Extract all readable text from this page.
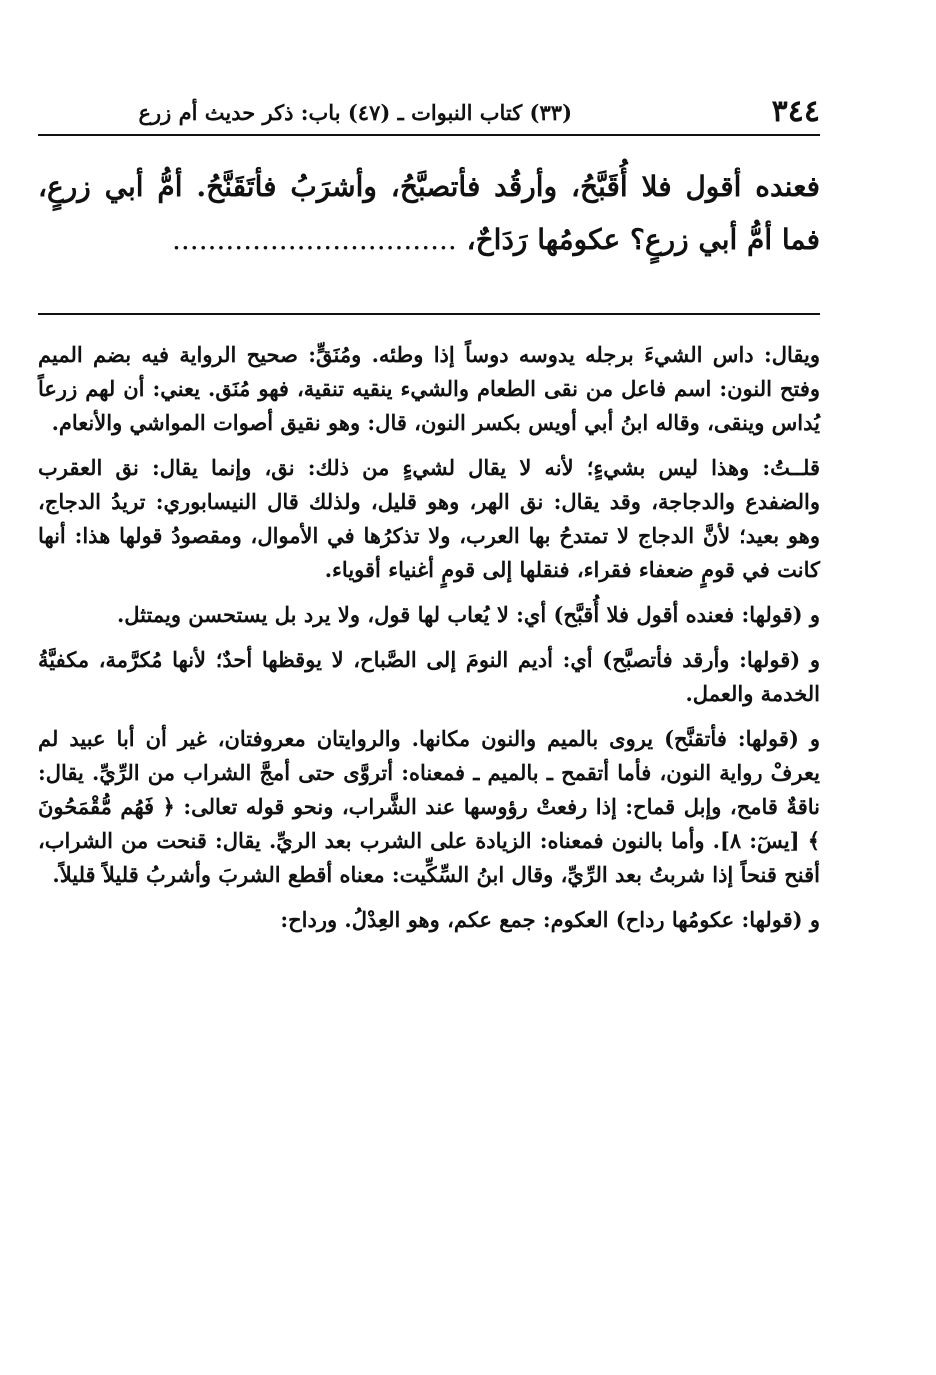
٣٤٤
(٣٣) كتاب النبوات ـ (٤٧) باب: ذكر حديث أم زرع
فعنده أقول فلا أُقَبَّحُ، وأرقُد فأتصبَّحُ، وأشرَبُ فأتَقَنَّحُ. أمُّ أبي زرعٍ، فما أمُّ أبي زرعٍ؟ عكومُها رَدَاحٌ، ................................

ويقال: داس الشيءَ برجله يدوسه دوساً إذا وطئه. ومُنَقٍّ: صحيح الرواية فيه بضم الميم وفتح النون: اسم فاعل من نقى الطعام والشيء ينقيه تنقية، فهو مُنَق. يعني: أن لهم زرعاً يُداس وينقى، وقاله ابنُ أبي أويس بكسر النون، قال: وهو نقيق أصوات المواشي والأنعام.

قلــتُ: وهذا ليس بشيءٍ؛ لأنه لا يقال لشيءٍ من ذلك: نق، وإنما يقال: نق العقرب والضفدع والدجاجة، وقد يقال: نق الهر، وهو قليل، ولذلك قال النيسابوري: تريدُ الدجاج، وهو بعيد؛ لأنَّ الدجاج لا تمتدحُ بها العرب، ولا تذكرُها في الأموال، ومقصودُ قولها هذا: أنها كانت في قومٍ ضعفاء فقراء، فنقلها إلى قومٍ أغنياء أقوياء.

و (قولها: فعنده أقول فلا أُقبَّح) أي: لا يُعاب لها قول، ولا يرد بل يستحسن ويمتثل.

و (قولها: وأرقد فأتصبَّح) أي: أديم النومَ إلى الصَّباح، لا يوقظها أحدٌ؛ لأنها مُكرَّمة، مكفيَّةُ الخدمة والعمل.

و (قولها: فأتقنَّح) يروى بالميم والنون مكانها. والروايتان معروفتان، غير أن أبا عبيد لم يعرفْ رواية النون، فأما أتقمح ـ بالميم ـ فمعناه: أتروَّى حتى أمجَّ الشراب من الرِّيِّ. يقال: ناقةٌ قامح، وإبل قماح: إذا رفعتْ رؤوسها عند الشَّراب، ونحو قوله تعالى: ﴿ فَهُم مُّقْمَحُونَ ﴾ [يسٓ: ٨]. وأما بالنون فمعناه: الزيادة على الشرب بعد الريِّ. يقال: قنحت من الشراب، أقنح قنحاً إذا شربتُ بعد الرِّيِّ، وقال ابنُ السِّكِّيت: معناه أقطع الشربَ وأشربُ قليلاً قليلاً.

و (قولها: عكومُها رداح) العكوم: جمع عكم، وهو العِدْلُ. ورداح:
